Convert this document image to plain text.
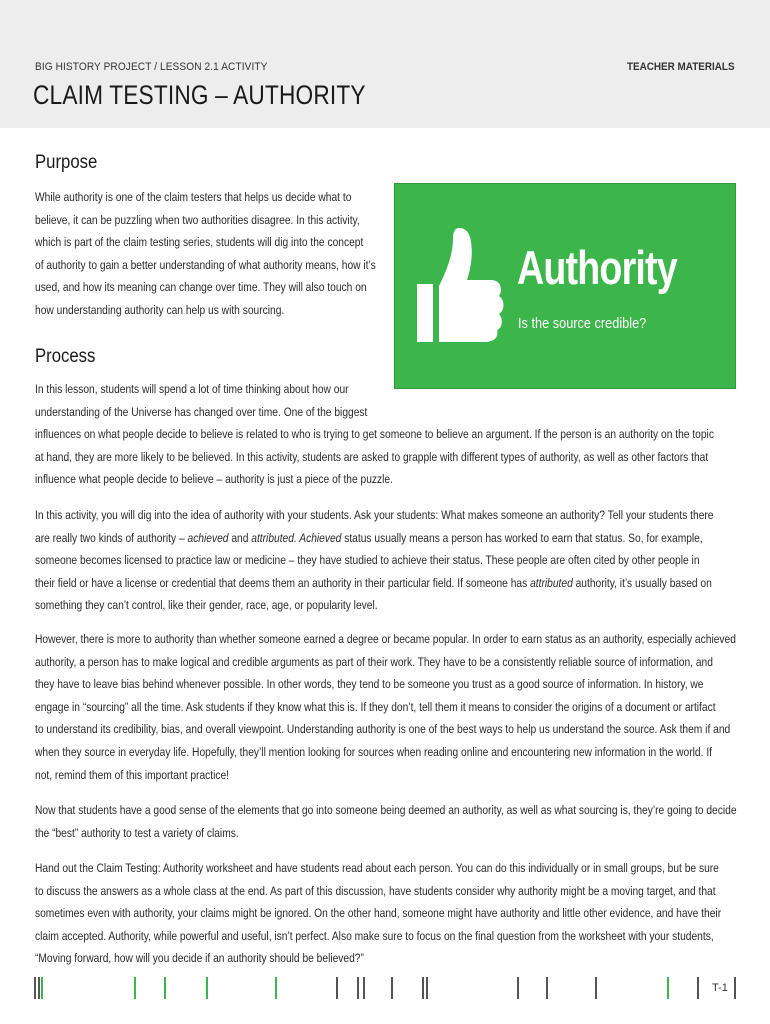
BIG HISTORY PROJECT / LESSON 2.1 ACTIVITY	TEACHER MATERIALS
CLAIM TESTING – AUTHORITY
Purpose
While authority is one of the claim testers that helps us decide what to
believe, it can be puzzling when two authorities disagree. In this activity,
which is part of the claim testing series, students will dig into the concept
of authority to gain a better understanding of what authority means, how it’s
used, and how its meaning can change over time. They will also touch on
how understanding authority can help us with sourcing.
Authority
Is the source credible?
Process
In this lesson, students will spend a lot of time thinking about how our
understanding of the Universe has changed over time. One of the biggest
influences on what people decide to believe is related to who is trying to get someone to believe an argument. If the person is an authority on the topic
at hand, they are more likely to be believed. In this activity, students are asked to grapple with different types of authority, as well as other factors that
influence what people decide to believe – authority is just a piece of the puzzle.
In this activity, you will dig into the idea of authority with your students. Ask your students: What makes someone an authority? Tell your students there
are really two kinds of authority – achieved and attributed. Achieved status usually means a person has worked to earn that status. So, for example,
someone becomes licensed to practice law or medicine – they have studied to achieve their status. These people are often cited by other people in
their field or have a license or credential that deems them an authority in their particular field. If someone has attributed authority, it’s usually based on
something they can’t control, like their gender, race, age, or popularity level.
However, there is more to authority than whether someone earned a degree or became popular. In order to earn status as an authority, especially achieved
authority, a person has to make logical and credible arguments as part of their work. They have to be a consistently reliable source of information, and
they have to leave bias behind whenever possible. In other words, they tend to be someone you trust as a good source of information. In history, we
engage in “sourcing” all the time. Ask students if they know what this is. If they don’t, tell them it means to consider the origins of a document or artifact
to understand its credibility, bias, and overall viewpoint. Understanding authority is one of the best ways to help us understand the source. Ask them if and
when they source in everyday life. Hopefully, they’ll mention looking for sources when reading online and encountering new information in the world. If
not, remind them of this important practice!
Now that students have a good sense of the elements that go into someone being deemed an authority, as well as what sourcing is, they’re going to decide
the “best” authority to test a variety of claims.
Hand out the Claim Testing: Authority worksheet and have students read about each person. You can do this individually or in small groups, but be sure
to discuss the answers as a whole class at the end. As part of this discussion, have students consider why authority might be a moving target, and that
sometimes even with authority, your claims might be ignored. On the other hand, someone might have authority and little other evidence, and have their
claim accepted. Authority, while powerful and useful, isn’t perfect. Also make sure to focus on the final question from the worksheet with your students,
“Moving forward, how will you decide if an authority should be believed?”
T-1
